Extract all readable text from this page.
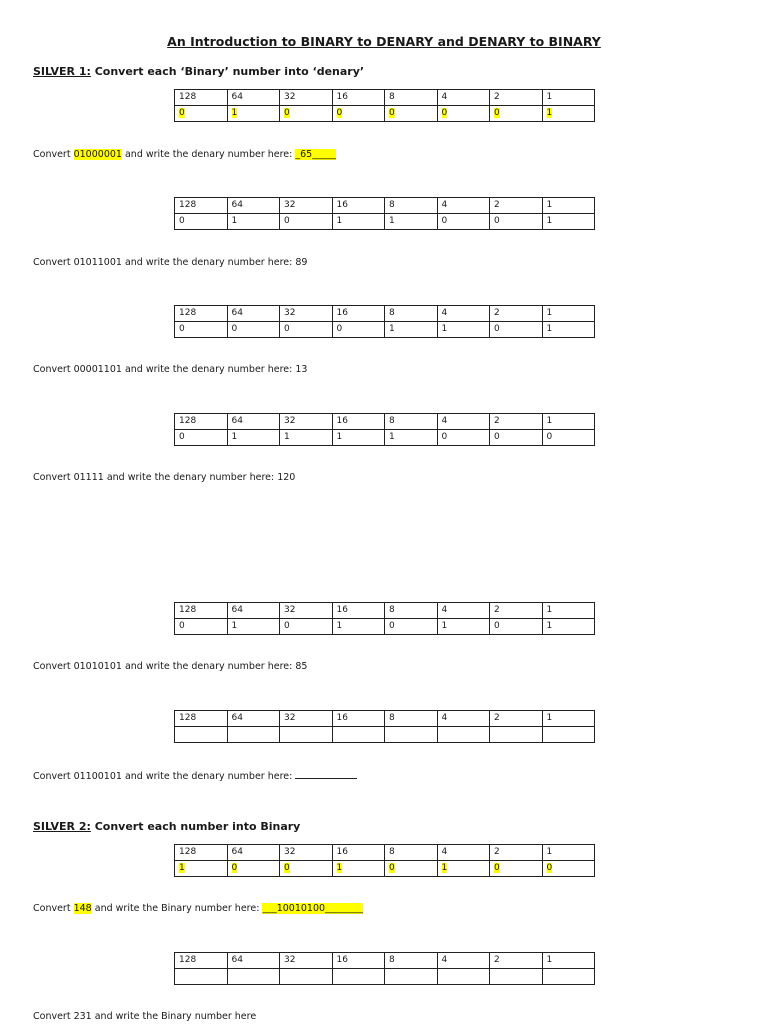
An Introduction to BINARY to DENARY and DENARY to BINARY
SILVER 1: Convert each ‘Binary’ number into ‘denary’
128	64	32	16	8	4	2	1
0	1	0	0	0	0	0	1
128	64	32	16	8	4	2	1
0	1	0	1	1	0	0	1
128	64	32	16	8	4	2	1
0	0	0	0	1	1	0	1
128	64	32	16	8	4	2	1
0	1	1	1	1	0	0	0
128	64	32	16	8	4	2	1
0	1	0	1	0	1	0	1
128	64	32	16	8	4	2	1

128	64	32	16	8	4	2	1
1	0	0	1	0	1	0	0
128	64	32	16	8	4	2	1

Convert 01000001 and write the denary number here: _65_____
Convert 01011001 and write the denary number here: 89
Convert 00001101 and write the denary number here: 13
Convert 01111 and write the denary number here: 120
Convert 01010101 and write the denary number here: 85
Convert 01100101 and write the denary number here:
SILVER 2: Convert each number into Binary
Convert 148 and write the Binary number here: ___10010100________
Convert 231 and write the Binary number here
